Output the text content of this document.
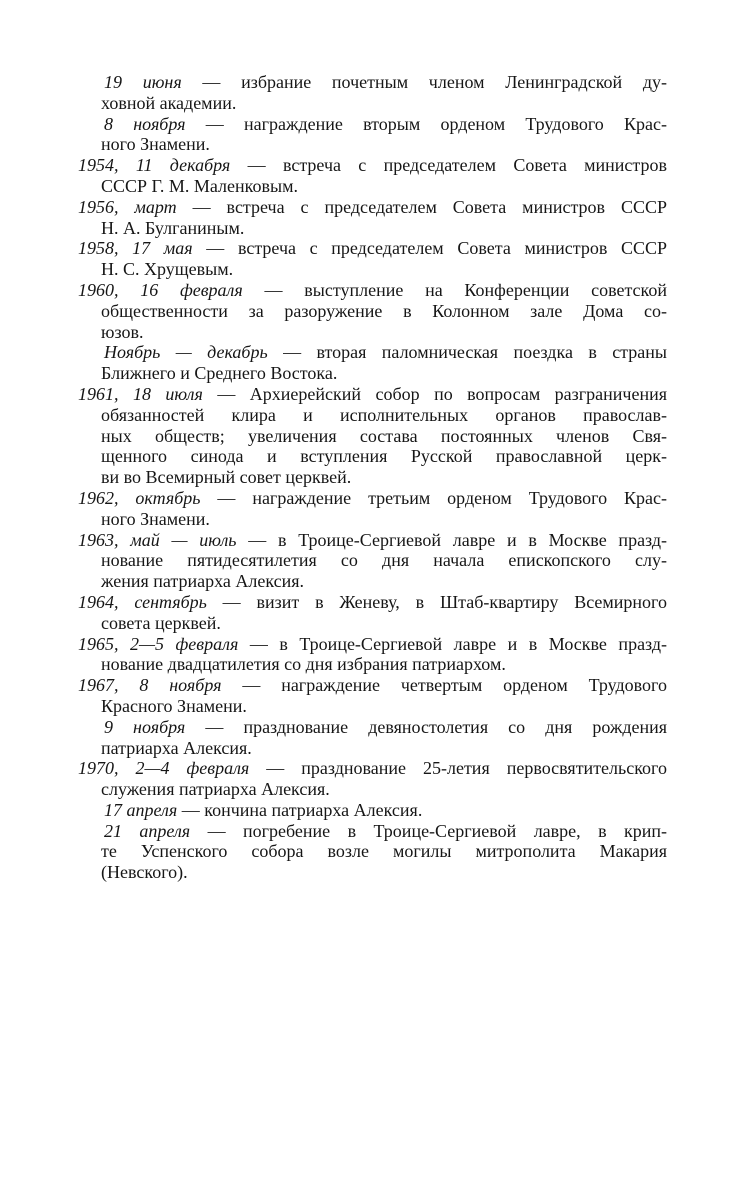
19 июня — избрание почетным членом Ленинградской ду-
ховной академии.
8 ноября — награждение вторым орденом Трудового Крас-
ного Знамени.
1954, 11 декабря — встреча с председателем Совета министров
СССР Г. М. Маленковым.
1956, март — встреча с председателем Совета министров СССР
Н. А. Булганиным.
1958, 17 мая — встреча с председателем Совета министров СССР
Н. С. Хрущевым.
1960, 16 февраля — выступление на Конференции советской
общественности за разоружение в Колонном зале Дома со-
юзов.
Ноябрь — декабрь — вторая паломническая поездка в страны
Ближнего и Среднего Востока.
1961, 18 июля — Архиерейский собор по вопросам разграничения
обязанностей клира и исполнительных органов православ-
ных обществ; увеличения состава постоянных членов Свя-
щенного синода и вступления Русской православной церк-
ви во Всемирный совет церквей.
1962, октябрь — награждение третьим орденом Трудового Крас-
ного Знамени.
1963, май — июль — в Троице-Сергиевой лавре и в Москве празд-
нование пятидесятилетия со дня начала епископского слу-
жения патриарха Алексия.
1964, сентябрь — визит в Женеву, в Штаб-квартиру Всемирного
совета церквей.
1965, 2—5 февраля — в Троице-Сергиевой лавре и в Москве празд-
нование двадцатилетия со дня избрания патриархом.
1967, 8 ноября — награждение четвертым орденом Трудового
Красного Знамени.
9 ноября — празднование девяностолетия со дня рождения
патриарха Алексия.
1970, 2—4 февраля — празднование 25-летия первосвятительского
служения патриарха Алексия.
17 апреля — кончина патриарха Алексия.
21 апреля — погребение в Троице-Сергиевой лавре, в крип-
те Успенского собора возле могилы митрополита Макария
(Невского).
